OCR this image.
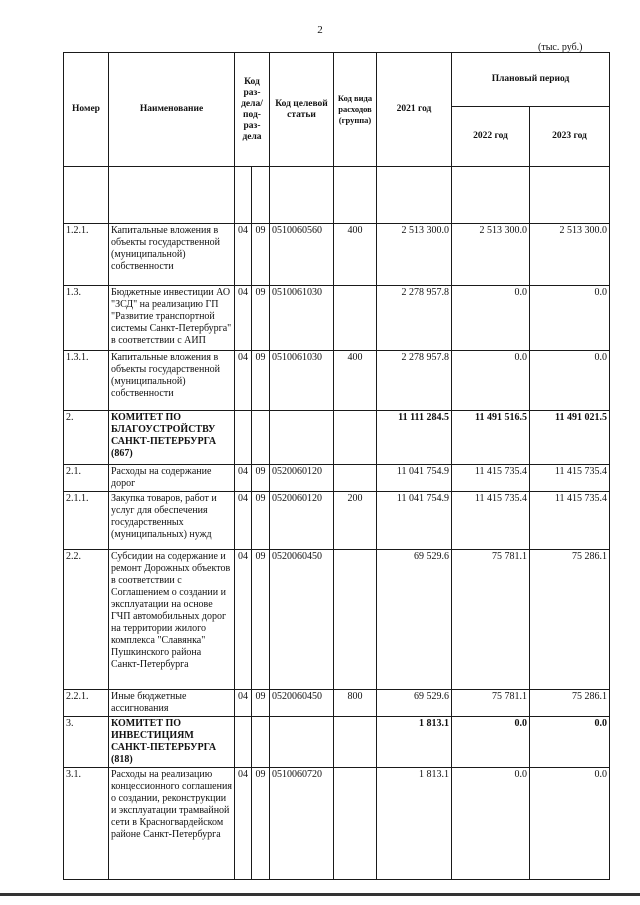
2
(тыс. руб.)
Номер	Наименование	Код раз-дела/ под-раз-дела		Код целевой статьи	Код вида расходов (группа)	2021 год	Плановый период	
							2022 год	2023 год

1.2.1.	Капитальные вложения в объекты государственной (муниципальной) собственности	04	09	0510060560	400	2 513 300.0	2 513 300.0	2 513 300.0
1.3.	Бюджетные инвестиции АО "ЗСД" на реализацию ГП "Развитие транспортной системы Санкт-Петербурга" в соответствии с АИП	04	09	0510061030		2 278 957.8	0.0	0.0
1.3.1.	Капитальные вложения в объекты государственной (муниципальной) собственности	04	09	0510061030	400	2 278 957.8	0.0	0.0
2.	КОМИТЕТ ПО БЛАГОУСТРОЙСТВУ САНКТ-ПЕТЕРБУРГА (867)					11 111 284.5	11 491 516.5	11 491 021.5
2.1.	Расходы на содержание дорог	04	09	0520060120		11 041 754.9	11 415 735.4	11 415 735.4
2.1.1.	Закупка товаров, работ и услуг для обеспечения государственных (муниципальных) нужд	04	09	0520060120	200	11 041 754.9	11 415 735.4	11 415 735.4
2.2.	Субсидии на содержание и ремонт Дорожных объектов в соответствии с Соглашением о создании и эксплуатации на основе ГЧП автомобильных дорог на территории жилого комплекса "Славянка" Пушкинского района Санкт-Петербурга	04	09	0520060450		69 529.6	75 781.1	75 286.1
2.2.1.	Иные бюджетные ассигнования	04	09	0520060450	800	69 529.6	75 781.1	75 286.1
3.	КОМИТЕТ ПО ИНВЕСТИЦИЯМ САНКТ-ПЕТЕРБУРГА (818)					1 813.1	0.0	0.0
3.1.	Расходы на реализацию концессионного соглашения о создании, реконструкции и эксплуатации трамвайной сети в Красногвардейском районе Санкт-Петербурга	04	09	0510060720		1 813.1	0.0	0.0
